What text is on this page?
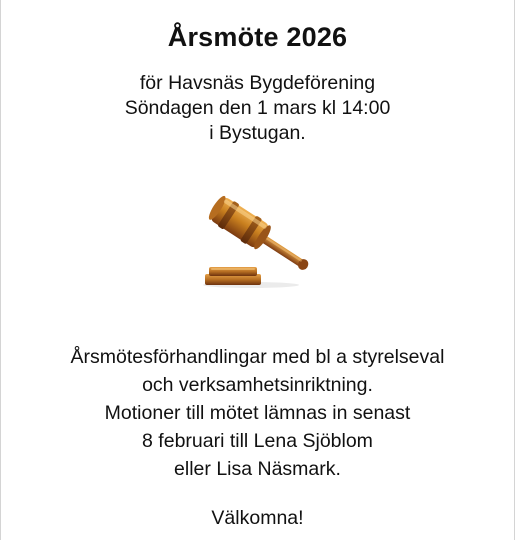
Årsmöte 2026
för Havsnäs Bygdeförening
Söndagen den 1 mars kl 14:00
i Bystugan.
Årsmötesförhandlingar med bl a styrelseval
och verksamhetsinriktning.
Motioner till mötet lämnas in senast
8 februari till Lena Sjöblom
eller Lisa Näsmark.
Välkomna!
